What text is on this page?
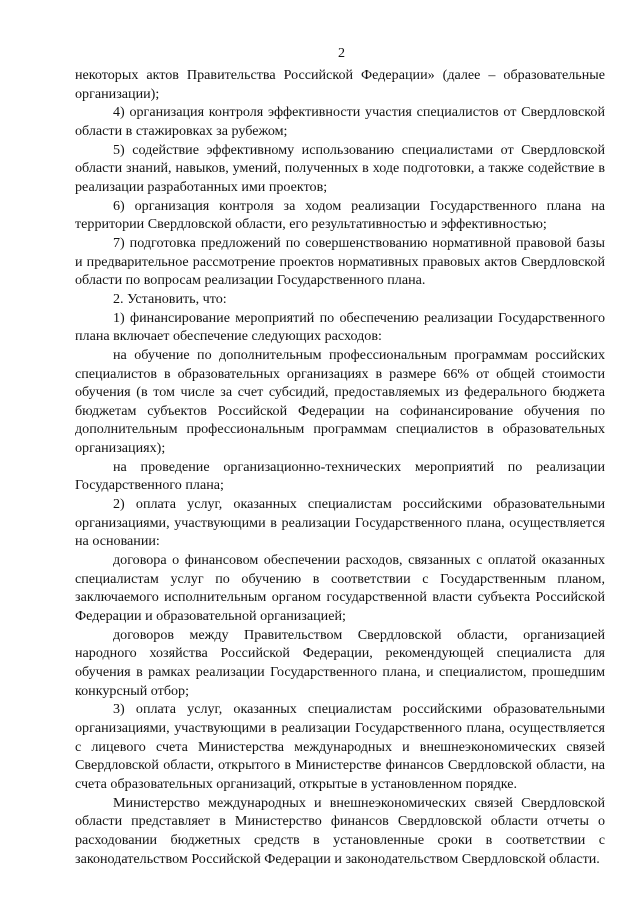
2

некоторых актов Правительства Российской Федерации» (далее – образовательные организации);

4) организация контроля эффективности участия специалистов от Свердловской области в стажировках за рубежом;

5) содействие эффективному использованию специалистами от Свердловской области знаний, навыков, умений, полученных в ходе подготовки, а также содействие в реализации разработанных ими проектов;

6) организация контроля за ходом реализации Государственного плана на территории Свердловской области, его результативностью и эффективностью;

7) подготовка предложений по совершенствованию нормативной правовой базы и предварительное рассмотрение проектов нормативных правовых актов Свердловской области по вопросам реализации Государственного плана.

2. Установить, что:

1) финансирование мероприятий по обеспечению реализации Государственного плана включает обеспечение следующих расходов:

на обучение по дополнительным профессиональным программам российских специалистов в образовательных организациях в размере 66% от общей стоимости обучения (в том числе за счет субсидий, предоставляемых из федерального бюджета бюджетам субъектов Российской Федерации на софинансирование обучения по дополнительным профессиональным программам специалистов в образовательных организациях);

на проведение организационно-технических мероприятий по реализации Государственного плана;

2) оплата услуг, оказанных специалистам российскими образовательными организациями, участвующими в реализации Государственного плана, осуществляется на основании:

договора о финансовом обеспечении расходов, связанных с оплатой оказанных специалистам услуг по обучению в соответствии с Государственным планом, заключаемого исполнительным органом государственной власти субъекта Российской Федерации и образовательной организацией;

договоров между Правительством Свердловской области, организацией народного хозяйства Российской Федерации, рекомендующей специалиста для обучения в рамках реализации Государственного плана, и специалистом, прошедшим конкурсный отбор;

3) оплата услуг, оказанных специалистам российскими образовательными организациями, участвующими в реализации Государственного плана, осуществляется с лицевого счета Министерства международных и внешнеэкономических связей Свердловской области, открытого в Министерстве финансов Свердловской области, на счета образовательных организаций, открытые в установленном порядке.

Министерство международных и внешнеэкономических связей Свердловской области представляет в Министерство финансов Свердловской области отчеты о расходовании бюджетных средств в установленные сроки в соответствии с законодательством Российской Федерации и законодательством Свердловской области.
